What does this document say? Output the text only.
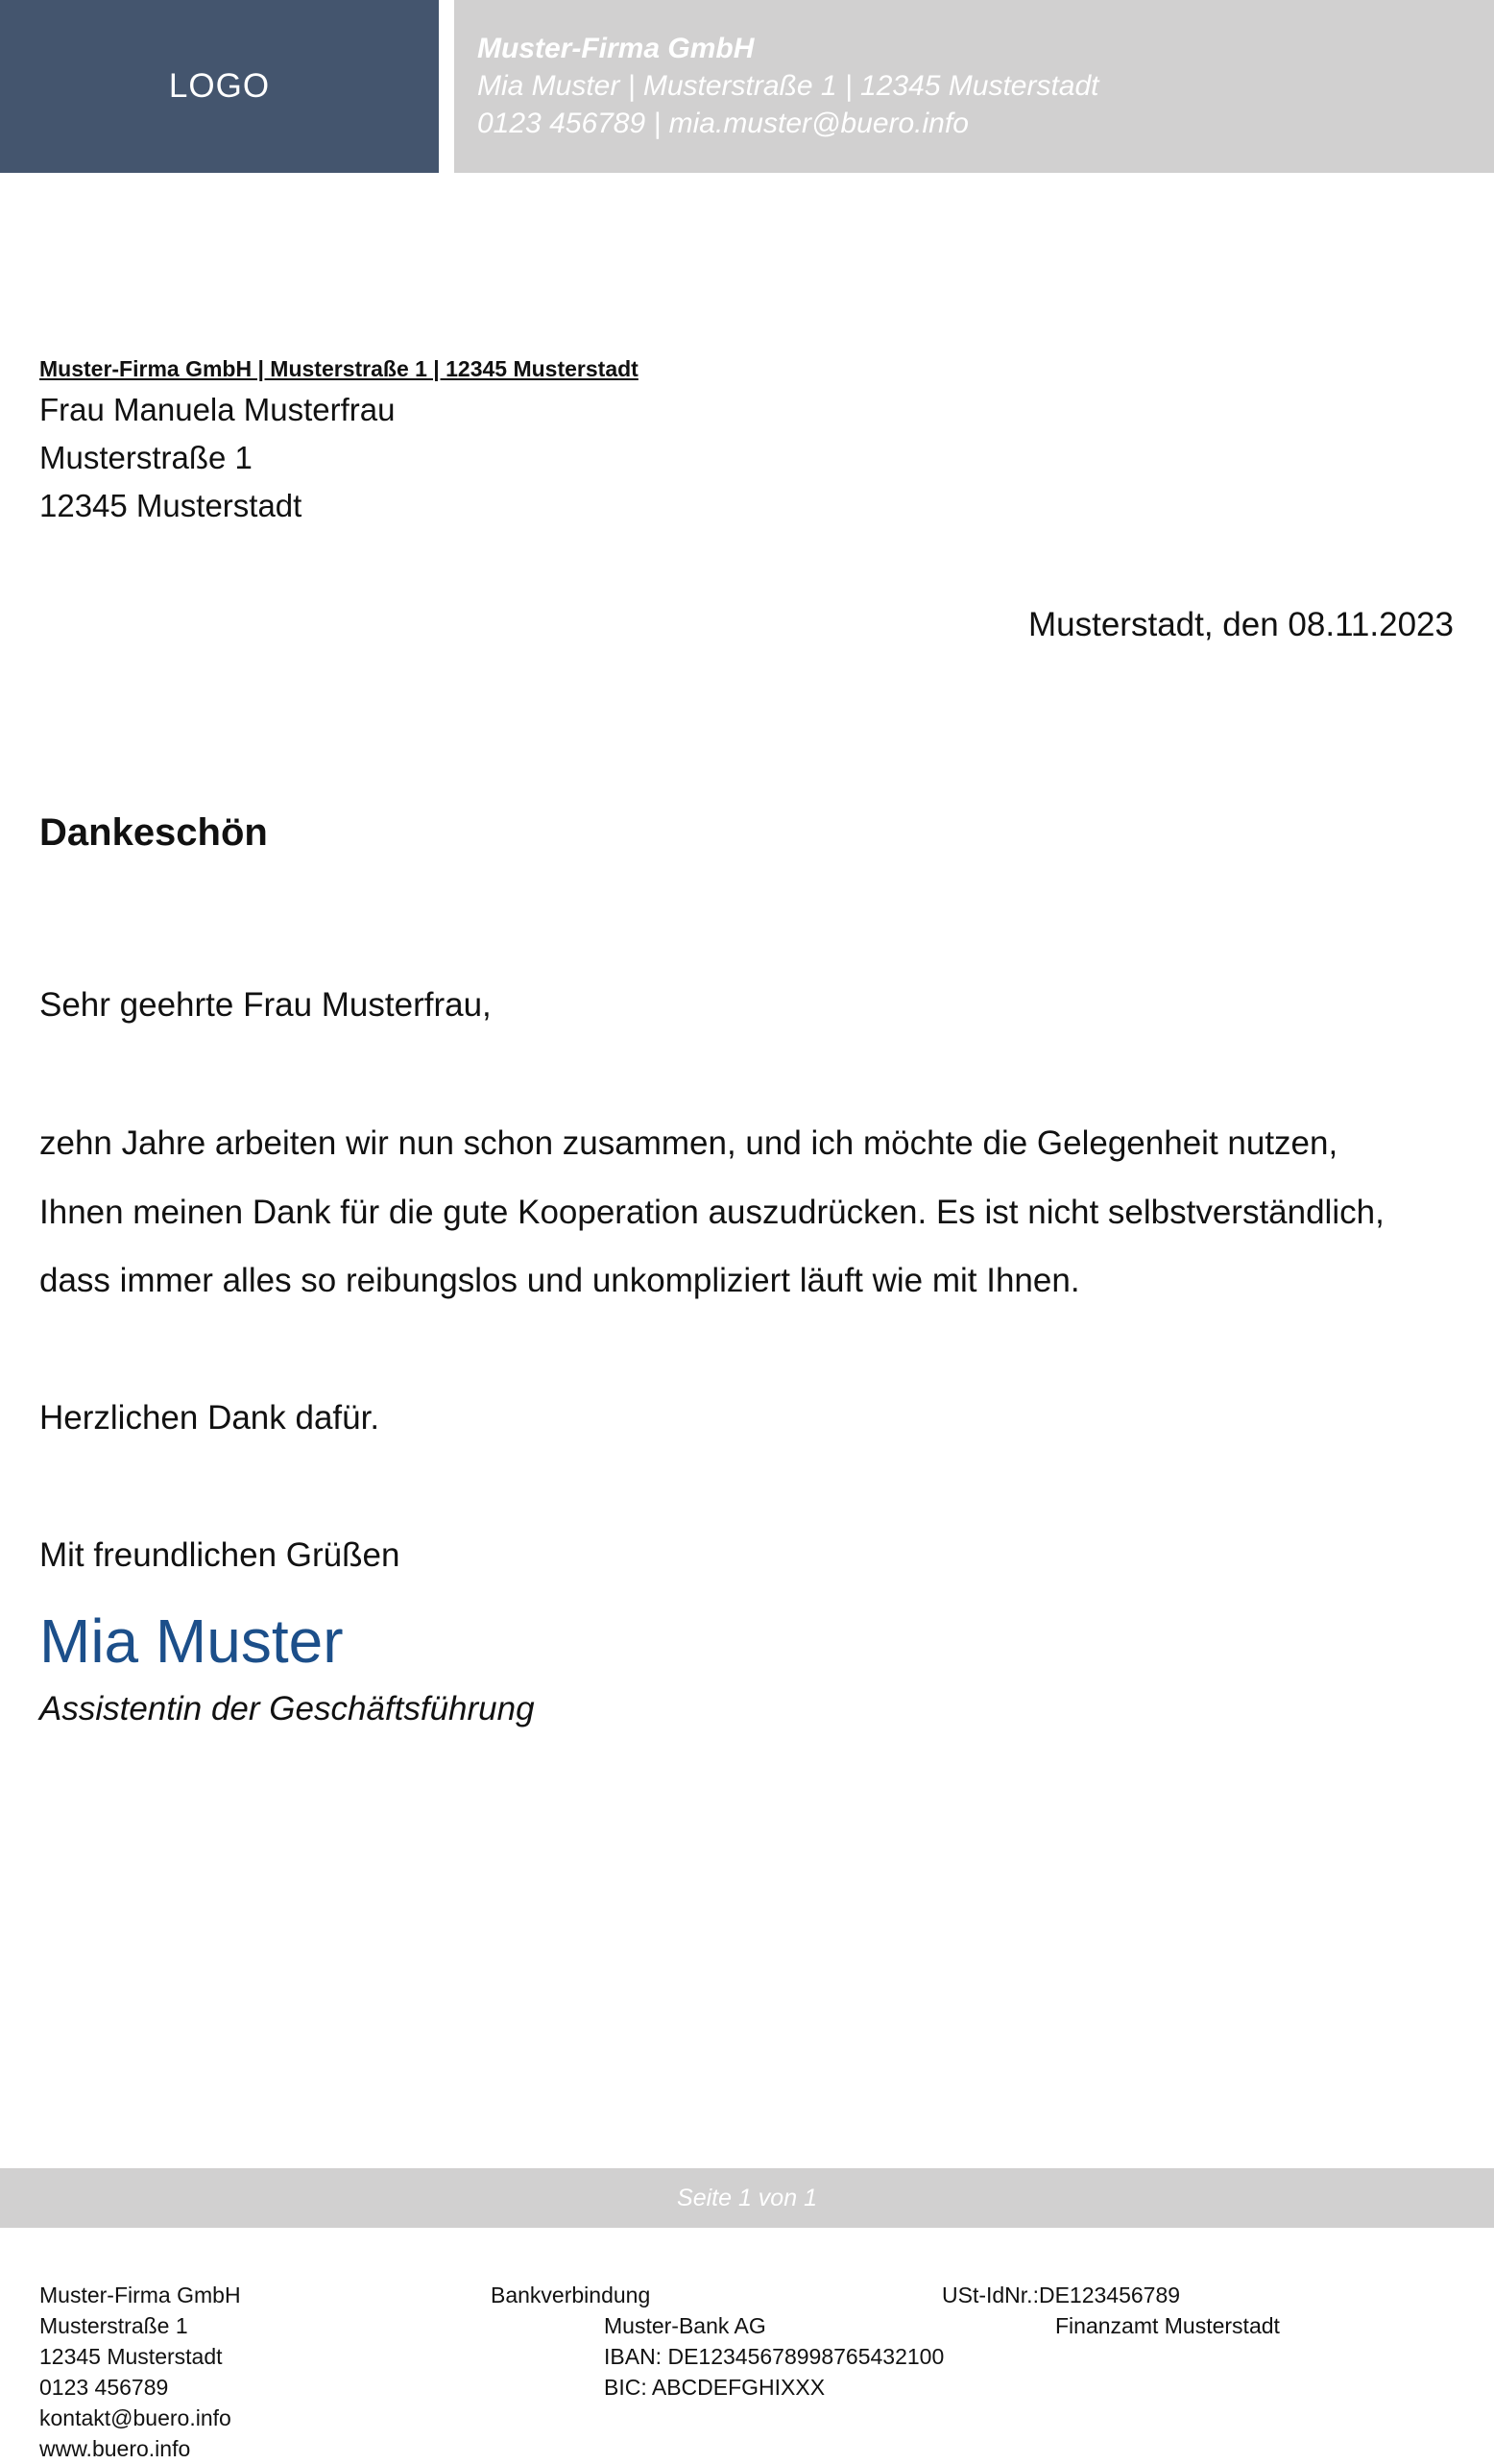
LOGO
Muster-Firma GmbH
Mia Muster | Musterstraße 1 | 12345 Musterstadt
0123 456789 | mia.muster@buero.info
Muster-Firma GmbH | Musterstraße 1 | 12345 Musterstadt
Frau Manuela Musterfrau
Musterstraße 1
12345 Musterstadt
Musterstadt, den 08.11.2023
Dankeschön
Sehr geehrte Frau Musterfrau,
zehn Jahre arbeiten wir nun schon zusammen, und ich möchte die Gelegenheit nutzen,
Ihnen meinen Dank für die gute Kooperation auszudrücken. Es ist nicht selbstverständlich,
dass immer alles so reibungslos und unkompliziert läuft wie mit Ihnen.
Herzlichen Dank dafür.
Mit freundlichen Grüßen
Mia Muster
Assistentin der Geschäftsführung
Seite 1 von 1
Muster-Firma GmbH
Musterstraße 1
12345 Musterstadt
0123 456789
kontakt@buero.info
www.buero.info
Bankverbindung
Muster-Bank AG
IBAN: DE12345678998765432100
BIC: ABCDEFGHIXXX
USt-IdNr.:DE123456789
Finanzamt Musterstadt
